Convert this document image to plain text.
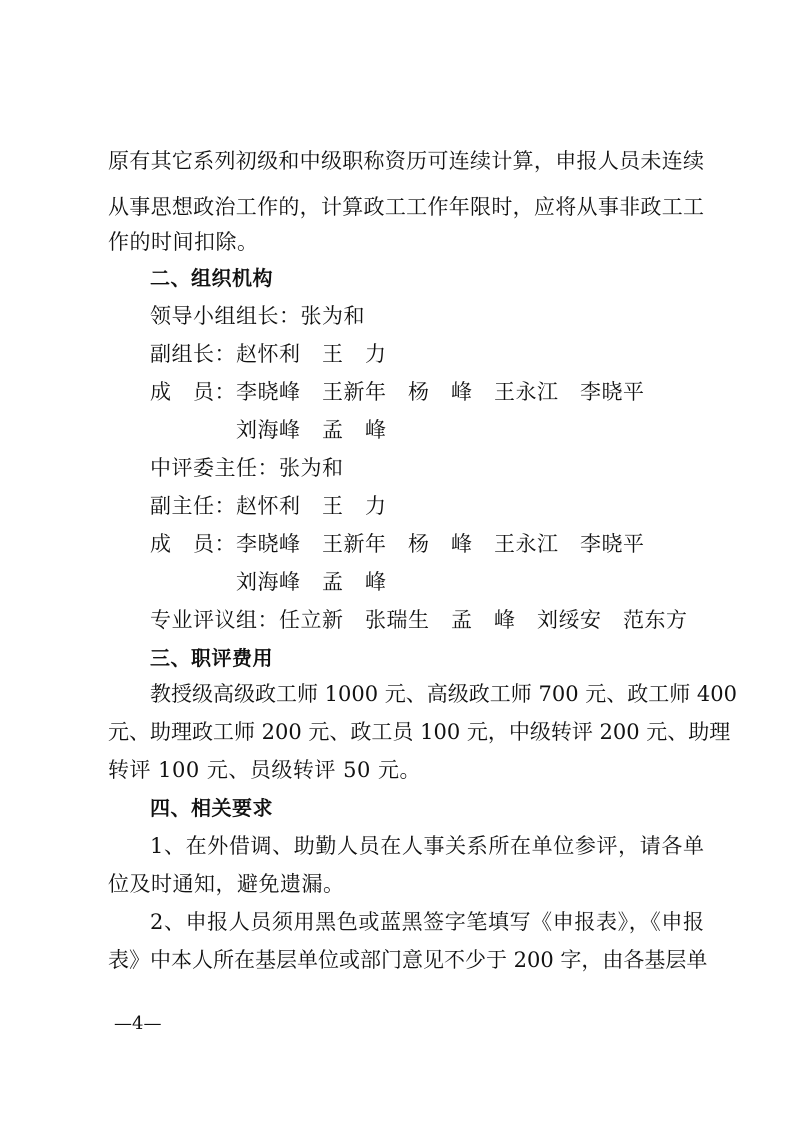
原有其它系列初级和中级职称资历可连续计算，申报人员未连续
从事思想政治工作的，计算政工工作年限时，应将从事非政工工
作的时间扣除。
二、组织机构
领导小组组长：张为和
副组长：赵怀利　王　力
成　员：李晓峰　王新年　杨　峰　王永江　李晓平
刘海峰　孟　峰
中评委主任：张为和
副主任：赵怀利　王　力
成　员：李晓峰　王新年　杨　峰　王永江　李晓平
刘海峰　孟　峰
专业评议组：任立新　张瑞生　孟　峰　刘绥安　范东方
三、职评费用
教授级高级政工师 1000 元、高级政工师 700 元、政工师 400
元、助理政工师 200 元、政工员 100 元，中级转评 200 元、助理
转评 100 元、员级转评 50 元。
四、相关要求
1、在外借调、助勤人员在人事关系所在单位参评，请各单
位及时通知，避免遗漏。
2、申报人员须用黑色或蓝黑签字笔填写《申报表》，《申报
表》中本人所在基层单位或部门意见不少于 200 字，由各基层单
—4—
